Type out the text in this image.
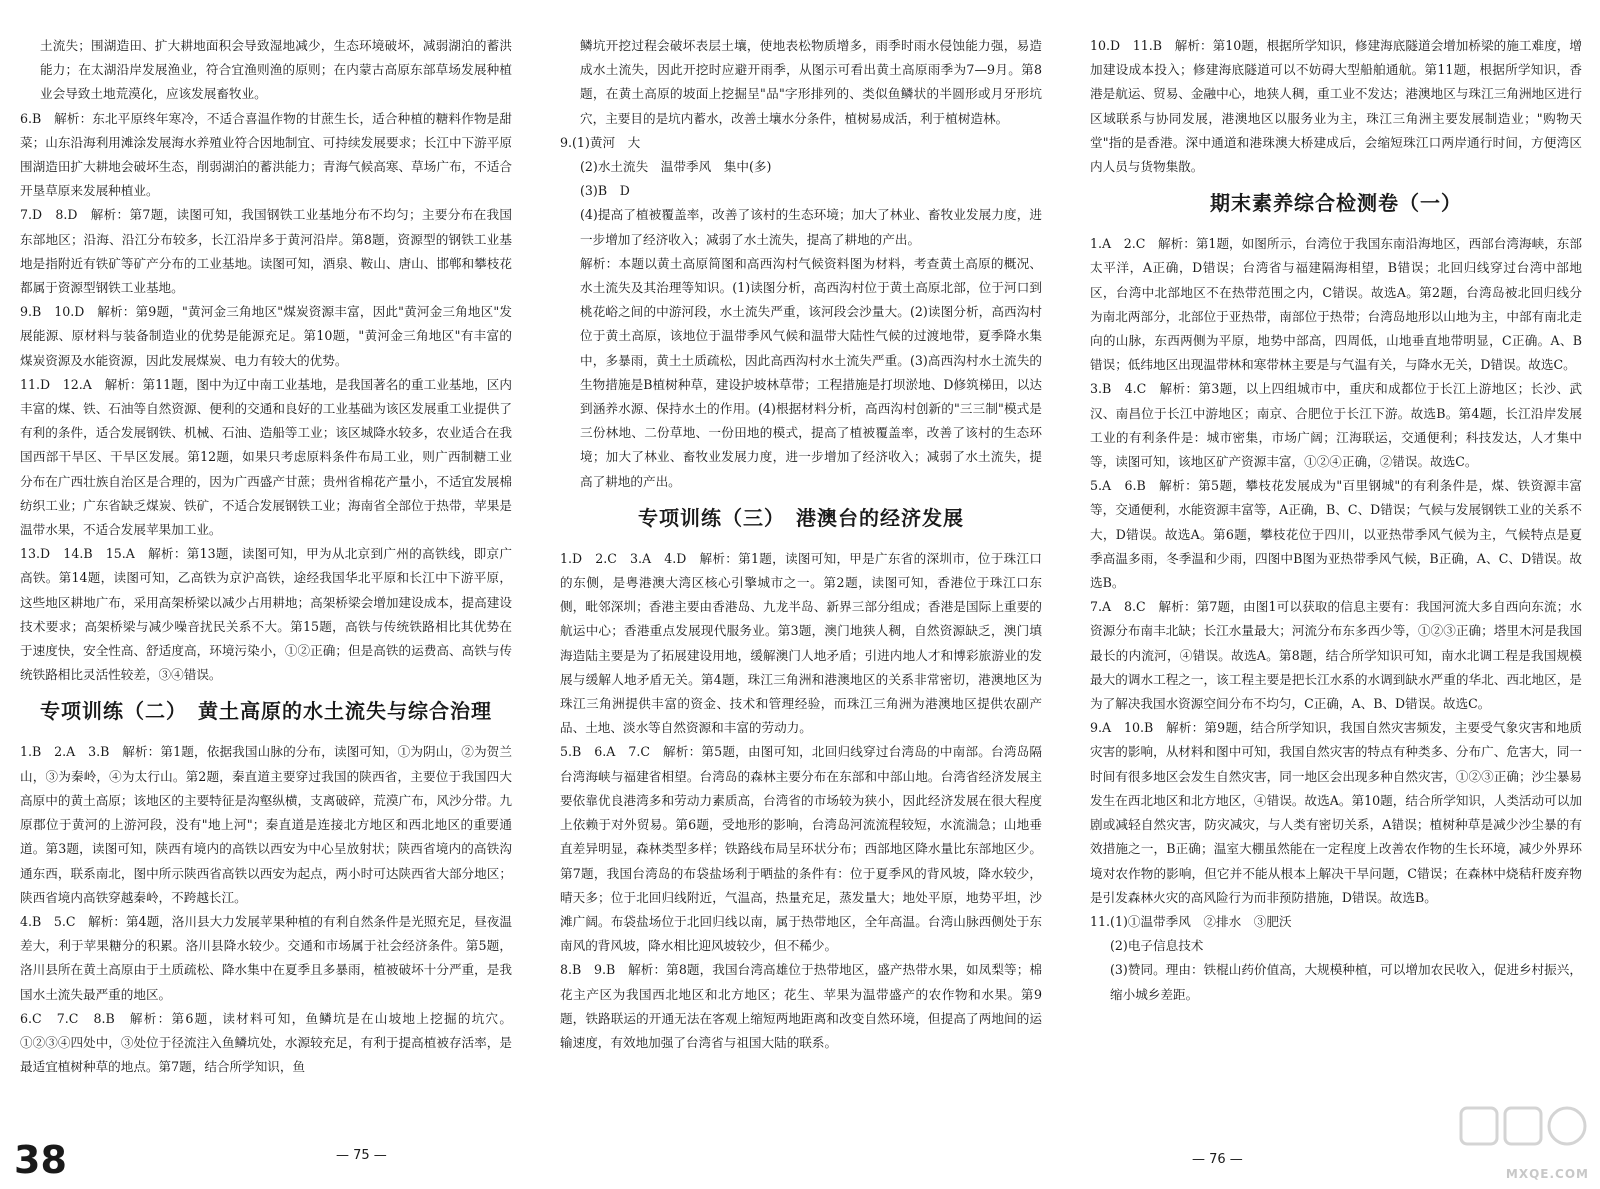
土流失；围湖造田、扩大耕地面积会导致湿地减少，生态环境破坏，减弱湖泊的蓄洪能力；在太湖沿岸发展渔业，符合宜渔则渔的原则；在内蒙古高原东部草场发展种植业会导致土地荒漠化，应该发展畜牧业。

6.B　解析：东北平原终年寒冷，不适合喜温作物的甘蔗生长，适合种植的糖料作物是甜菜；山东沿海利用滩涂发展海水养殖业符合因地制宜、可持续发展要求；长江中下游平原围湖造田扩大耕地会破坏生态，削弱湖泊的蓄洪能力；青海气候高寒、草场广布，不适合开垦草原来发展种植业。

7.D　8.D　解析：第7题，读图可知，我国钢铁工业基地分布不均匀；主要分布在我国东部地区；沿海、沿江分布较多，长江沿岸多于黄河沿岸。第8题，资源型的钢铁工业基地是指附近有铁矿等矿产分布的工业基地。读图可知，酒泉、鞍山、唐山、邯郸和攀枝花都属于资源型钢铁工业基地。

9.B　10.D　解析：第9题，"黄河金三角地区"煤炭资源丰富，因此"黄河金三角地区"发展能源、原材料与装备制造业的优势是能源充足。第10题，"黄河金三角地区"有丰富的煤炭资源及水能资源，因此发展煤炭、电力有较大的优势。

11.D　12.A　解析：第11题，图中为辽中南工业基地，是我国著名的重工业基地，区内丰富的煤、铁、石油等自然资源、便利的交通和良好的工业基础为该区发展重工业提供了有利的条件，适合发展钢铁、机械、石油、造船等工业；该区城降水较多，农业适合在我国西部干旱区、干旱区发展。第12题，如果只考虑原料条件布局工业，则广西制糖工业分布在广西壮族自治区是合理的，因为广西盛产甘蔗；贵州省棉花产量小，不适宜发展棉纺织工业；广东省缺乏煤炭、铁矿，不适合发展钢铁工业；海南省全部位于热带，苹果是温带水果，不适合发展苹果加工业。

13.D　14.B　15.A　解析：第13题，读图可知，甲为从北京到广州的高铁线，即京广高铁。第14题，读图可知，乙高铁为京沪高铁，途经我国华北平原和长江中下游平原，这些地区耕地广布，采用高架桥梁以减少占用耕地；高架桥梁会增加建设成本，提高建设技术要求；高架桥梁与减少噪音扰民关系不大。第15题，高铁与传统铁路相比其优势在于速度快，安全性高、舒适度高，环境污染小，①②正确；但是高铁的运费高、高铁与传统铁路相比灵活性较差，③④错误。

专项训练（二）　黄土高原的水土流失与综合治理

1.B　2.A　3.B　解析：第1题，依据我国山脉的分布，读图可知，①为阴山，②为贺兰山，③为秦岭，④为太行山。第2题，秦直道主要穿过我国的陕西省，主要位于我国四大高原中的黄土高原；该地区的主要特征是沟壑纵横，支离破碎，荒漠广布，风沙分带。九原郡位于黄河的上游河段，没有"地上河"；秦直道是连接北方地区和西北地区的重要通道。第3题，读图可知，陕西有境内的高铁以西安为中心呈放射状；陕西省境内的高铁沟通东西，联系南北，图中所示陕西省高铁以西安为起点，两小时可达陕西省大部分地区；陕西省境内高铁穿越秦岭，不跨越长江。

4.B　5.C　解析：第4题，洛川县大力发展苹果种植的有利自然条件是光照充足，昼夜温差大，利于苹果糖分的积累。洛川县降水较少。交通和市场属于社会经济条件。第5题，洛川县所在黄土高原由于土质疏松、降水集中在夏季且多暴雨，植被破坏十分严重，是我国水土流失最严重的地区。

6.C　7.C　8.B　解析：第6题，读材料可知，鱼鳞坑是在山坡地上挖掘的坑穴。①②③④四处中，③处位于径流注入鱼鳞坑处，水源较充足，有利于提高植被存活率，是最适宜植树种草的地点。第7题，结合所学知识，鱼

鳞坑开挖过程会破坏表层土壤，使地表松物质增多，雨季时雨水侵蚀能力强，易造成水土流失，因此开挖时应避开雨季，从图示可看出黄土高原雨季为7—9月。第8题，在黄土高原的坡面上挖掘呈"品"字形排列的、类似鱼鳞状的半圆形或月牙形坑穴，主要目的是坑内蓄水，改善土壤水分条件，植树易成活，利于植树造林。

9.(1)黄河　大

(2)水土流失　温带季风　集中(多)

(3)B　D

(4)提高了植被覆盖率，改善了该村的生态环境；加大了林业、畜牧业发展力度，进一步增加了经济收入；减弱了水土流失，提高了耕地的产出。

解析：本题以黄土高原简图和高西沟村气候资料图为材料，考查黄土高原的概况、水土流失及其治理等知识。(1)读图分析，高西沟村位于黄土高原北部，位于河口到桃花峪之间的中游河段，水土流失严重，该河段会沙量大。(2)读图分析，高西沟村位于黄土高原，该地位于温带季风气候和温带大陆性气候的过渡地带，夏季降水集中，多暴雨，黄土土质疏松，因此高西沟村水土流失严重。(3)高西沟村水土流失的生物措施是B植树种草，建设护坡林草带；工程措施是打坝淤地、D修筑梯田，以达到涵养水源、保持水土的作用。(4)根据材料分析，高西沟村创新的"三三制"模式是三份林地、二份草地、一份田地的模式，提高了植被覆盖率，改善了该村的生态环境；加大了林业、畜牧业发展力度，进一步增加了经济收入；减弱了水土流失，提高了耕地的产出。

专项训练（三）　港澳台的经济发展

1.D　2.C　3.A　4.D　解析：第1题，读图可知，甲是广东省的深圳市，位于珠江口的东侧，是粤港澳大湾区核心引擎城市之一。第2题，读图可知，香港位于珠江口东侧，毗邻深圳；香港主要由香港岛、九龙半岛、新界三部分组成；香港是国际上重要的航运中心；香港重点发展现代服务业。第3题，澳门地狭人稠，自然资源缺乏，澳门填海造陆主要是为了拓展建设用地，缓解澳门人地矛盾；引进内地人才和博彩旅游业的发展与缓解人地矛盾无关。第4题，珠江三角洲和港澳地区的关系非常密切，港澳地区为珠江三角洲提供丰富的资金、技术和管理经验，而珠江三角洲为港澳地区提供农副产品、土地、淡水等自然资源和丰富的劳动力。

5.B　6.A　7.C　解析：第5题，由图可知，北回归线穿过台湾岛的中南部。台湾岛隔台湾海峡与福建省相望。台湾岛的森林主要分布在东部和中部山地。台湾省经济发展主要依靠优良港湾多和劳动力素质高，台湾省的市场较为狭小，因此经济发展在很大程度上依赖于对外贸易。第6题，受地形的影响，台湾岛河流流程较短，水流湍急；山地垂直差异明显，森林类型多样；铁路线布局呈环状分布；西部地区降水量比东部地区少。第7题，我国台湾岛的布袋盐场利于晒盐的条件有：位于夏季风的背风坡，降水较少，晴天多；位于北回归线附近，气温高，热量充足，蒸发量大；地处平原，地势平坦，沙滩广阔。布袋盐场位于北回归线以南，属于热带地区，全年高温。台湾山脉西侧处于东南风的背风坡，降水相比迎风坡较少，但不稀少。

8.B　9.B　解析：第8题，我国台湾高雄位于热带地区，盛产热带水果，如凤梨等；棉花主产区为我国西北地区和北方地区；花生、苹果为温带盛产的农作物和水果。第9题，铁路联运的开通无法在客观上缩短两地距离和改变自然环境，但提高了两地间的运输速度，有效地加强了台湾省与祖国大陆的联系。

10.D　11.B　解析：第10题，根据所学知识，修建海底隧道会增加桥梁的施工难度，增加建设成本投入；修建海底隧道可以不妨碍大型船舶通航。第11题，根据所学知识，香港是航运、贸易、金融中心，地狭人稠，重工业不发达；港澳地区与珠江三角洲地区进行区域联系与协同发展，港澳地区以服务业为主，珠江三角洲主要发展制造业；"购物天堂"指的是香港。深中通道和港珠澳大桥建成后，会缩短珠江口两岸通行时间，方便湾区内人员与货物集散。

期末素养综合检测卷（一）

1.A　2.C　解析：第1题，如图所示，台湾位于我国东南沿海地区，西部台湾海峡，东部太平洋，A正确，D错误；台湾省与福建隔海相望，B错误；北回归线穿过台湾中部地区，台湾中北部地区不在热带范围之内，C错误。故选A。第2题，台湾岛被北回归线分为南北两部分，北部位于亚热带，南部位于热带；台湾岛地形以山地为主，中部有南北走向的山脉，东西两侧为平原，地势中部高，四周低，山地垂直地带明显，C正确。A、B错误；低纬地区出现温带林和寒带林主要是与气温有关，与降水无关，D错误。故选C。

3.B　4.C　解析：第3题，以上四组城市中，重庆和成都位于长江上游地区；长沙、武汉、南昌位于长江中游地区；南京、合肥位于长江下游。故选B。第4题，长江沿岸发展工业的有利条件是：城市密集，市场广阔；江海联运，交通便利；科技发达，人才集中等，读图可知，该地区矿产资源丰富，①②④正确，②错误。故选C。

5.A　6.B　解析：第5题，攀枝花发展成为"百里钢城"的有利条件是，煤、铁资源丰富等，交通便利，水能资源丰富等，A正确，B、C、D错误；气候与发展钢铁工业的关系不大，D错误。故选A。第6题，攀枝花位于四川，以亚热带季风气候为主，气候特点是夏季高温多雨，冬季温和少雨，四图中B图为亚热带季风气候，B正确，A、C、D错误。故选B。

7.A　8.C　解析：第7题，由图1可以获取的信息主要有：我国河流大多自西向东流；水资源分布南丰北缺；长江水量最大；河流分布东多西少等，①②③正确；塔里木河是我国最长的内流河，④错误。故选A。第8题，结合所学知识可知，南水北调工程是我国规模最大的调水工程之一，该工程主要是把长江水系的水调到缺水严重的华北、西北地区，是为了解决我国水资源空间分布不均匀，C正确，A、B、D错误。故选C。

9.A　10.B　解析：第9题，结合所学知识，我国自然灾害频发，主要受气象灾害和地质灾害的影响，从材料和图中可知，我国自然灾害的特点有种类多、分布广、危害大，同一时间有很多地区会发生自然灾害，同一地区会出现多种自然灾害，①②③正确；沙尘暴易发生在西北地区和北方地区，④错误。故选A。第10题，结合所学知识，人类活动可以加剧或减轻自然灾害，防灾减灾，与人类有密切关系，A错误；植树种草是减少沙尘暴的有效措施之一，B正确；温室大棚虽然能在一定程度上改善农作物的生长环境，减少外界环境对农作物的影响，但它并不能从根本上解决干旱问题，C错误；在森林中烧秸秆废弃物是引发森林火灾的高风险行为而非预防措施，D错误。故选B。

11.(1)①温带季风　②排水　③肥沃

(2)电子信息技术

(3)赞同。理由：铁棍山药价值高，大规模种植，可以增加农民收入，促进乡村振兴，缩小城乡差距。

38	— 75 —	— 76 —
MXQE.COM
